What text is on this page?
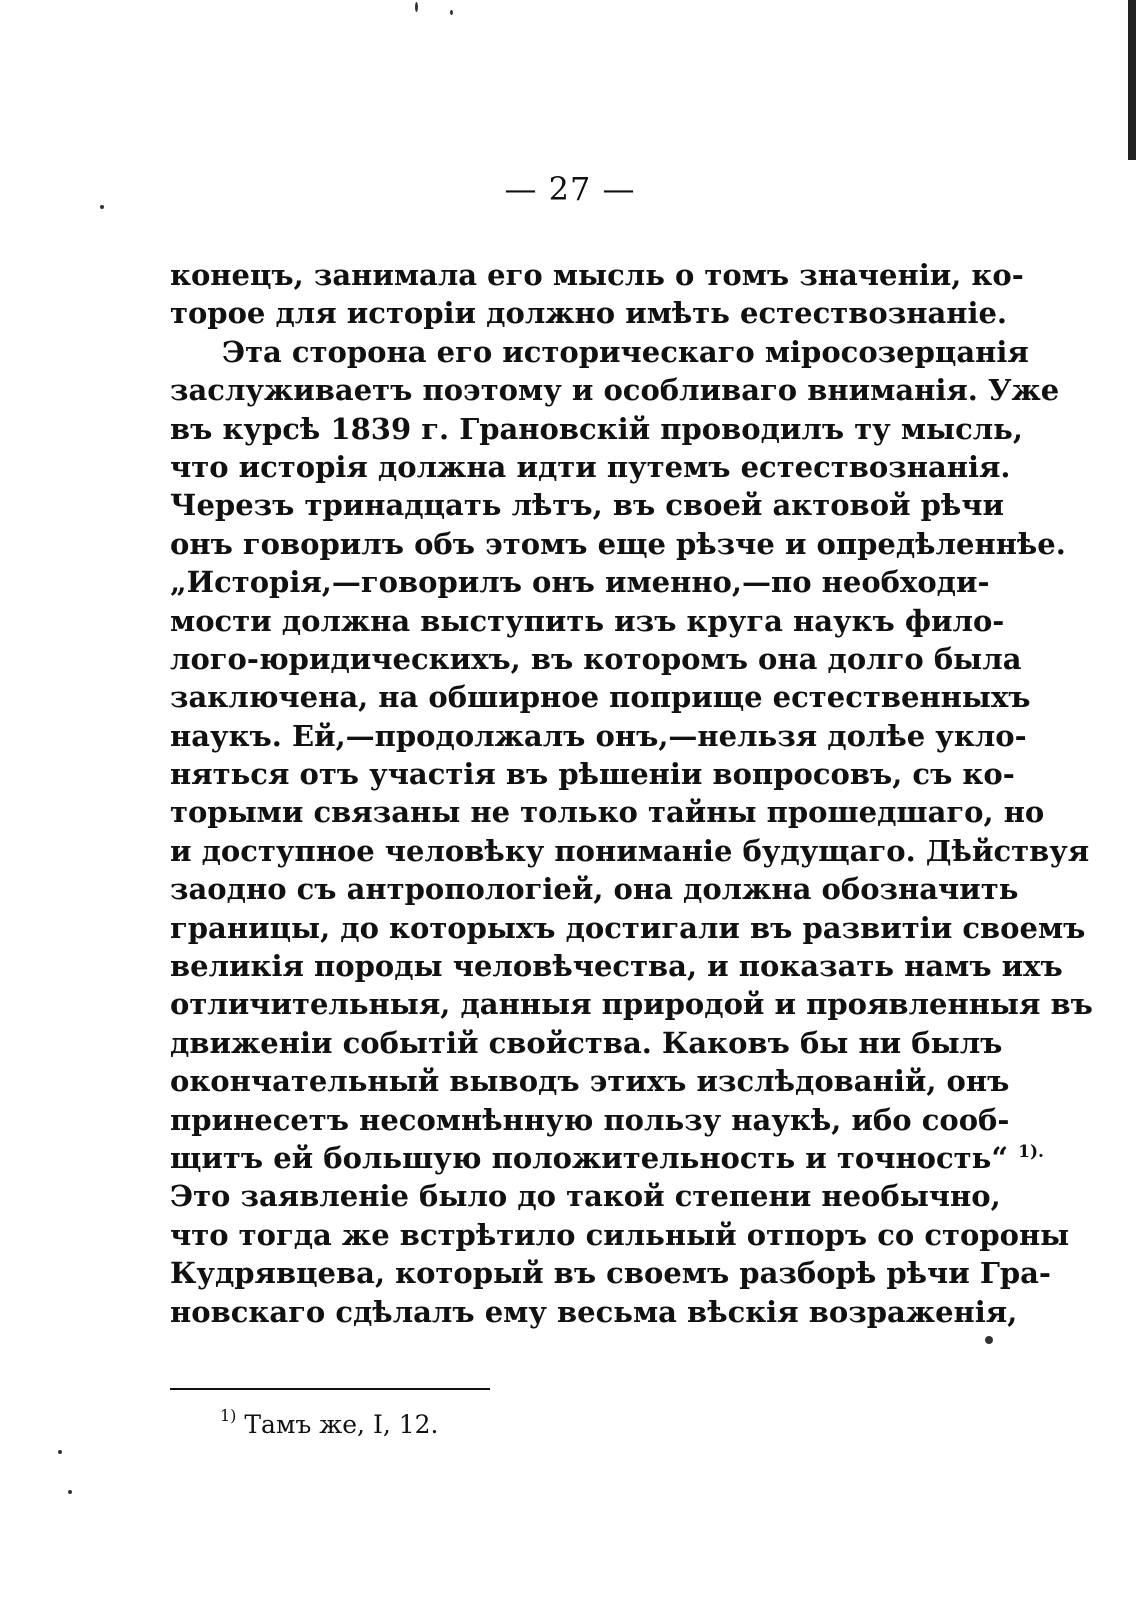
— 27 —
конецъ, занимала его мысль о томъ значенiи, ко-
торое для исторiи должно имѣть естествознанiе.
Эта сторона его историческаго мiросозерцанiя
заслуживаетъ поэтому и особливаго вниманiя. Уже
въ курсѣ 1839 г. Грановскiй проводилъ ту мысль,
что исторiя должна идти путемъ естествознанiя.
Черезъ тринадцать лѣтъ, въ своей актовой рѣчи
онъ говорилъ объ этомъ еще рѣзче и опредѣленнѣе.
„Исторiя,—говорилъ онъ именно,—по необходи-
мости должна выступить изъ круга наукъ фило-
лого-юридическихъ, въ которомъ она долго была
заключена, на обширное поприще естественныхъ
наукъ. Ей,—продолжалъ онъ,—нельзя долѣе укло-
няться отъ участiя въ рѣшенiи вопросовъ, съ ко-
торыми связаны не только тайны прошедшаго, но
и доступное человѣку пониманiе будущаго. Дѣйствуя
заодно съ антропологiей, она должна обозначить
границы, до которыхъ достигали въ развитiи своемъ
великiя породы человѣчества, и показать намъ ихъ
отличительныя, данныя природой и проявленныя въ
движенiи событiй свойства. Каковъ бы ни былъ
окончательный выводъ этихъ изслѣдованiй, онъ
принесетъ несомнѣнную пользу наукѣ, ибо сооб-
щитъ ей большую положительность и точность“ $^{1).}$
Это заявленiе было до такой степени необычно,
что тогда же встрѣтило сильный отпоръ со стороны
Кудрявцева, который въ своемъ разборѣ рѣчи Гра-
новскаго сдѣлалъ ему весьма вѣскiя возраженiя,
$^{1)}$ Тамъ же, I, 12.
